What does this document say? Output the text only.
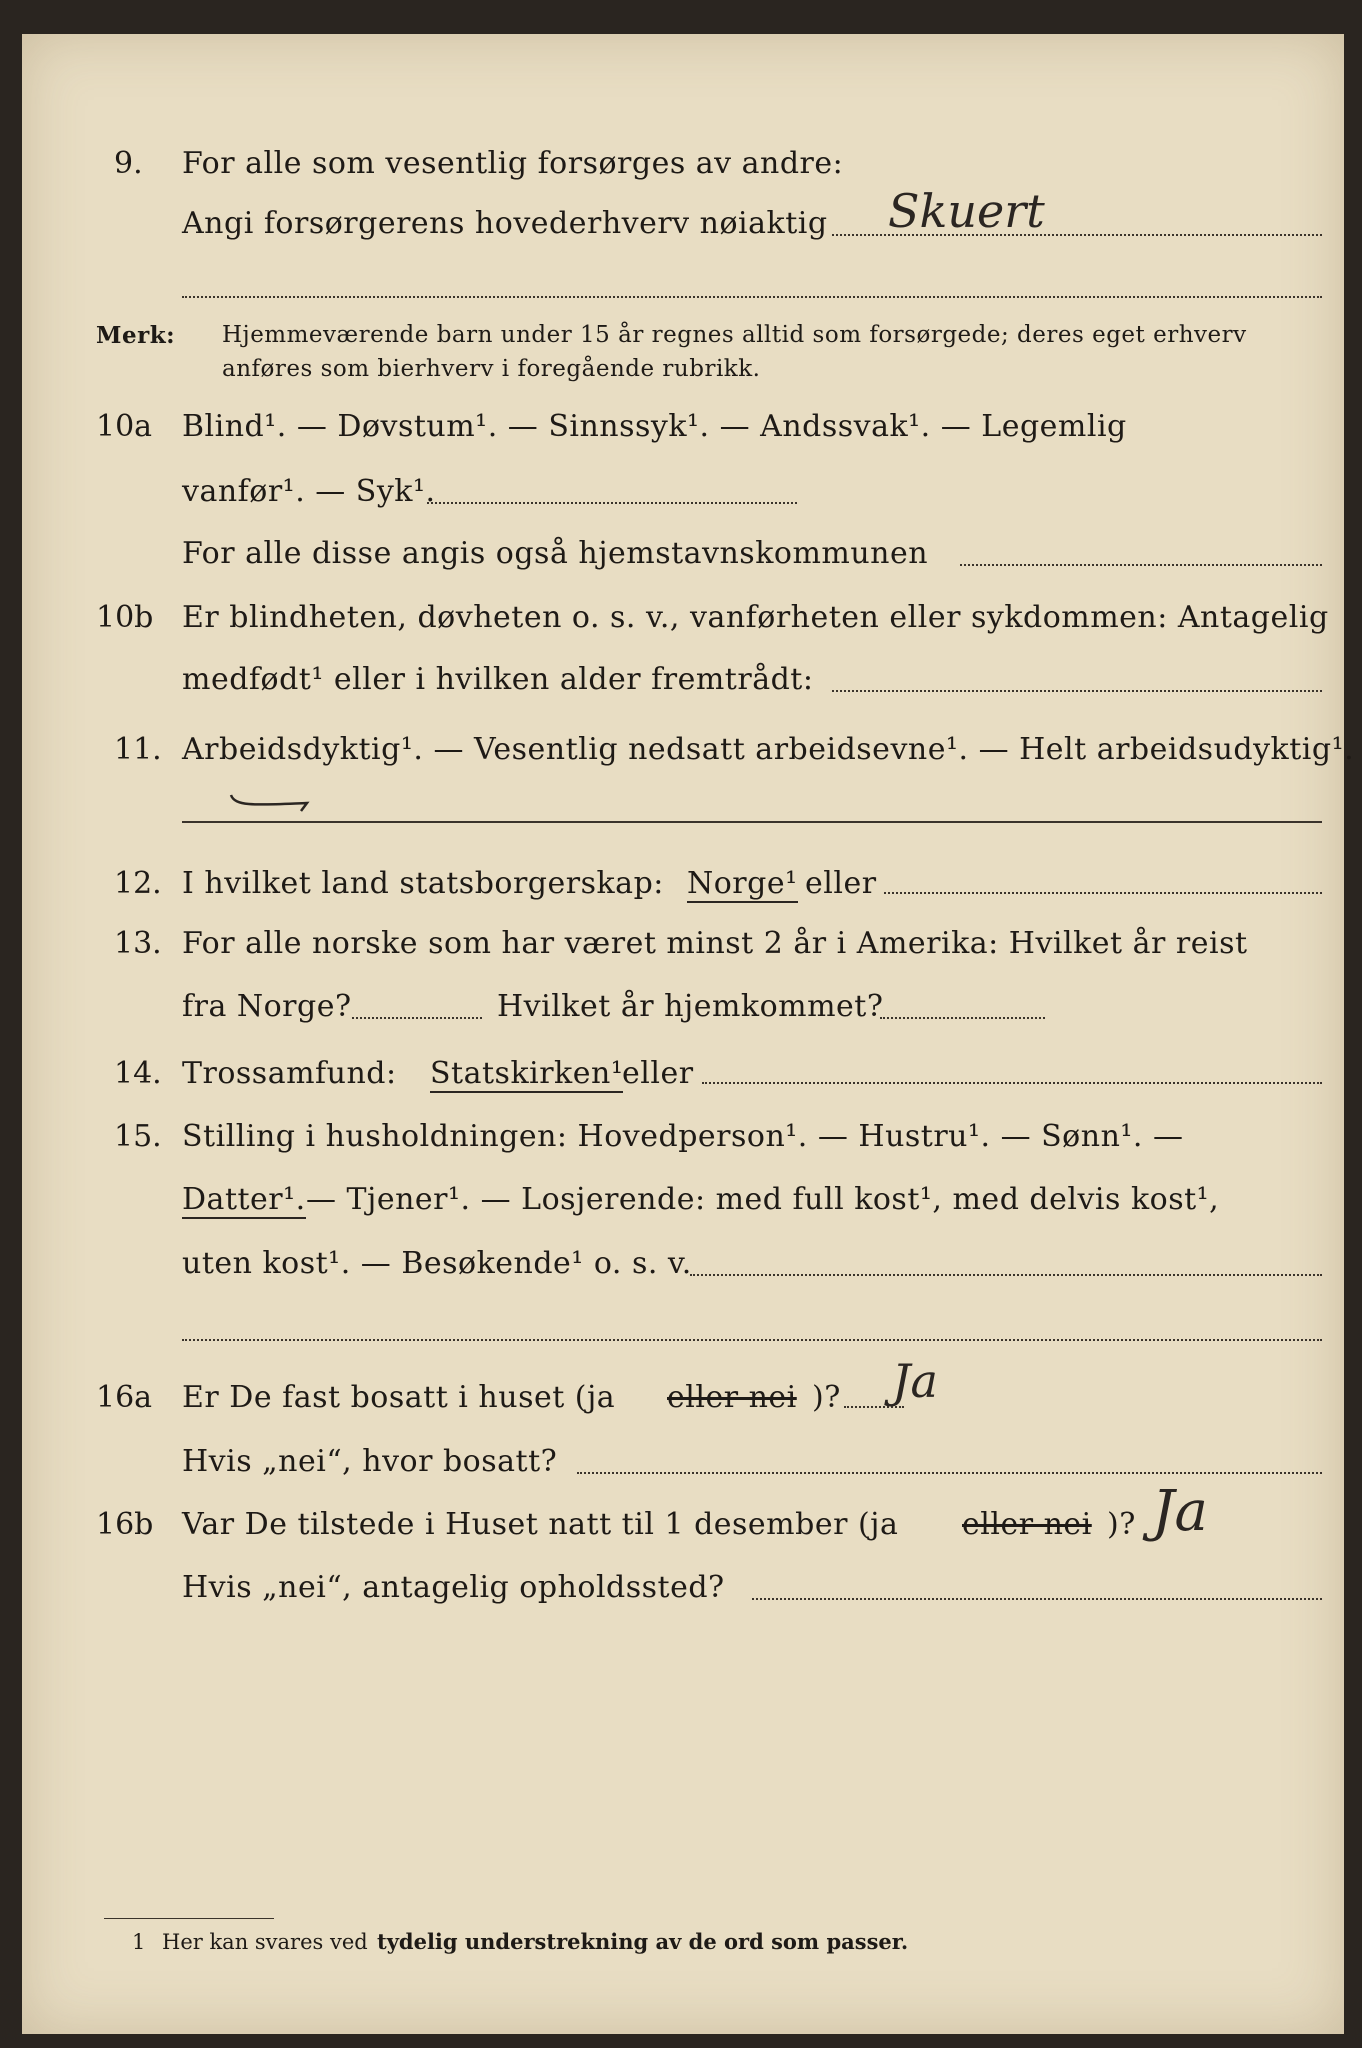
9. For alle som vesentlig forsørges av andre:
Angi forsørgerens hovederhverv nøiaktig Skuert
Merk: Hjemmeværende barn under 15 år regnes alltid som forsørgede; deres eget erhverv
anføres som bierhverv i foregående rubrikk.
10a Blind¹. — Døvstum¹. — Sinnssyk¹. — Andssvak¹. — Legemlig
vanfør¹. — Syk¹.
For alle disse angis også hjemstavnskommunen
10b Er blindheten, døvheten o. s. v., vanførheten eller sykdommen: Antagelig
medfødt¹ eller i hvilken alder fremtrådt:
11. Arbeidsdyktig¹. — Vesentlig nedsatt arbeidsevne¹. — Helt arbeidsudyktig¹.
12. I hvilket land statsborgerskap: Norge¹ eller
13. For alle norske som har været minst 2 år i Amerika: Hvilket år reist
fra Norge?	Hvilket år hjemkommet?
14. Trossamfund: Statskirken¹
eller
15. Stilling i husholdningen: Hovedperson¹. — Hustru¹. — Sønn¹. —
Datter¹. — Tjener¹. — Losjerende: med full kost¹, med delvis kost¹,
uten kost¹. — Besøkende¹ o. s. v.
16a Er De fast bosatt i huset (ja eller nei )? Ja
Hvis „nei“, hvor bosatt?
16b Var De tilstede i Huset natt til 1 desember (ja eller nei )? Ja
Hvis „nei“, antagelig opholdssted?
1 Her kan svares ved tydelig understrekning av de ord som passer.
